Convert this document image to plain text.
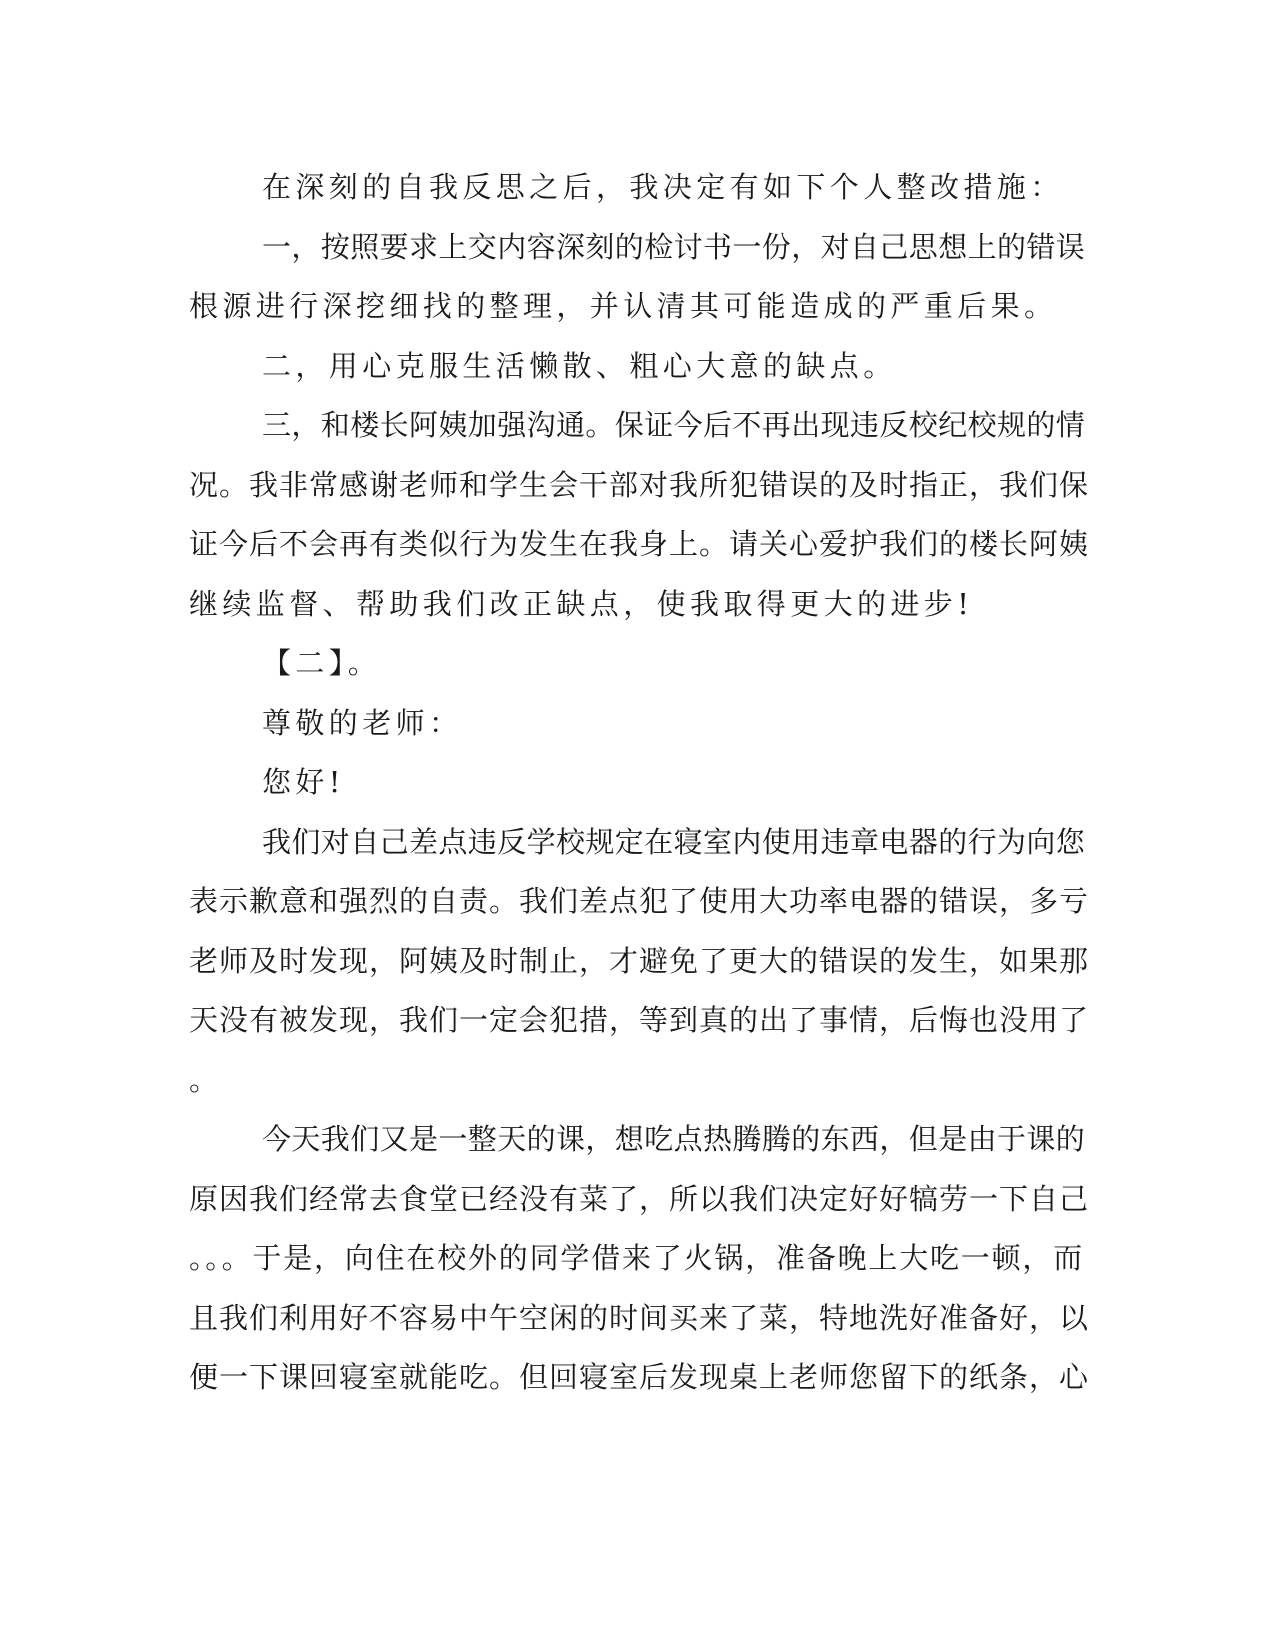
在深刻的自我反思之后，我决定有如下个人整改措施：
一，按照要求上交内容深刻的检讨书一份，对自己思想上的错误
根源进行深挖细找的整理，并认清其可能造成的严重后果。
二，用心克服生活懒散、粗心大意的缺点。
三，和楼长阿姨加强沟通。保证今后不再出现违反校纪校规的情
况。我非常感谢老师和学生会干部对我所犯错误的及时指正，我们保
证今后不会再有类似行为发生在我身上。请关心爱护我们的楼长阿姨
继续监督、帮助我们改正缺点，使我取得更大的进步!
【二】。
尊敬的老师：
您好!
我们对自己差点违反学校规定在寝室内使用违章电器的行为向您
表示歉意和强烈的自责。我们差点犯了使用大功率电器的错误，多亏
老师及时发现，阿姨及时制止，才避免了更大的错误的发生，如果那
天没有被发现，我们一定会犯措，等到真的出了事情，后悔也没用了
。
今天我们又是一整天的课，想吃点热腾腾的东西，但是由于课的
原因我们经常去食堂已经没有菜了，所以我们决定好好犒劳一下自己
。。。于是，向住在校外的同学借来了火锅，准备晚上大吃一顿，而
且我们利用好不容易中午空闲的时间买来了菜，特地洗好准备好，以
便一下课回寝室就能吃。但回寝室后发现桌上老师您留下的纸条，心
